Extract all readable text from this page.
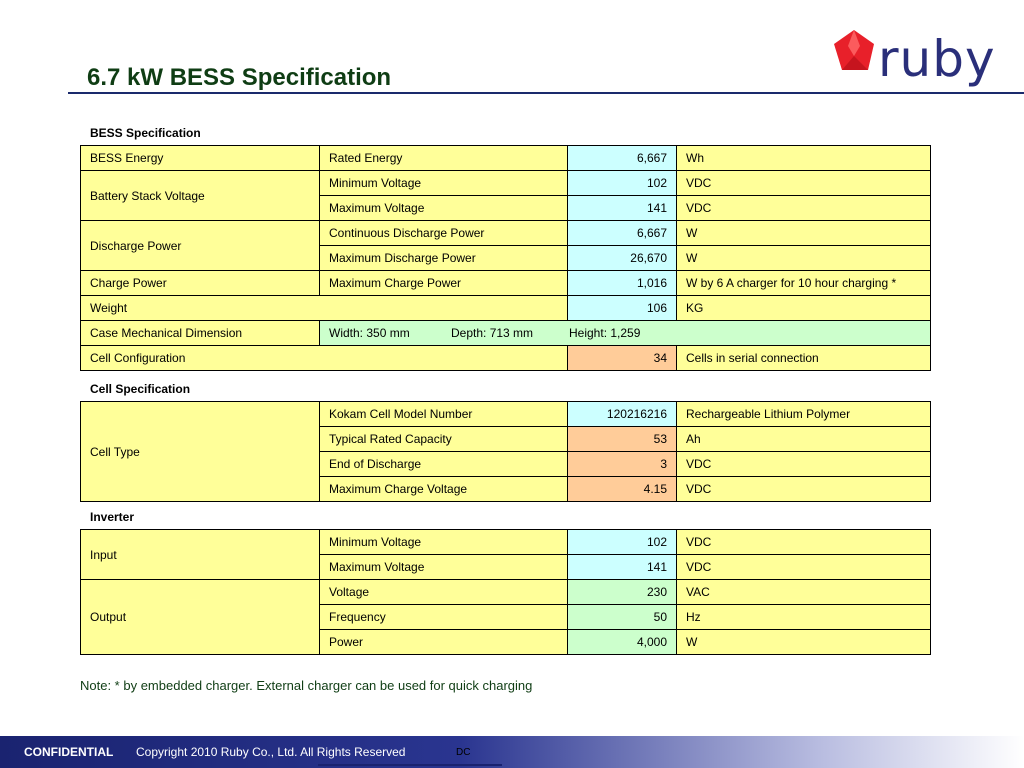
6.7 kW BESS Specification	ruby
BESS Specification
BESS Energy	Rated Energy	6,667	Wh
Battery Stack Voltage	Minimum Voltage	102	VDC
	Maximum Voltage	141	VDC
Discharge Power	Continuous Discharge Power	6,667	W
	Maximum Discharge Power	26,670	W
Charge Power	Maximum Charge Power	1,016	W by 6 A charger for 10 hour charging *
Weight		106	KG
Case Mechanical Dimension	Width: 350 mm Depth: 713 mm Height: 1,259		
Cell Configuration		34	Cells in serial connection
Cell Specification
Cell Type	Kokam Cell Model Number	120216216	Rechargeable Lithium Polymer
	Typical Rated Capacity	53	Ah
	End of Discharge	3	VDC
	Maximum Charge Voltage	4.15	VDC
Inverter
Input	Minimum Voltage	102	VDC
	Maximum Voltage	141	VDC
Output	Voltage	230	VAC
	Frequency	50	Hz
	Power	4,000	W
Note: * by embedded charger. External charger can be used for quick charging
CONFIDENTIAL Copyright 2010 Ruby Co., Ltd. All Rights Reserved	DC
